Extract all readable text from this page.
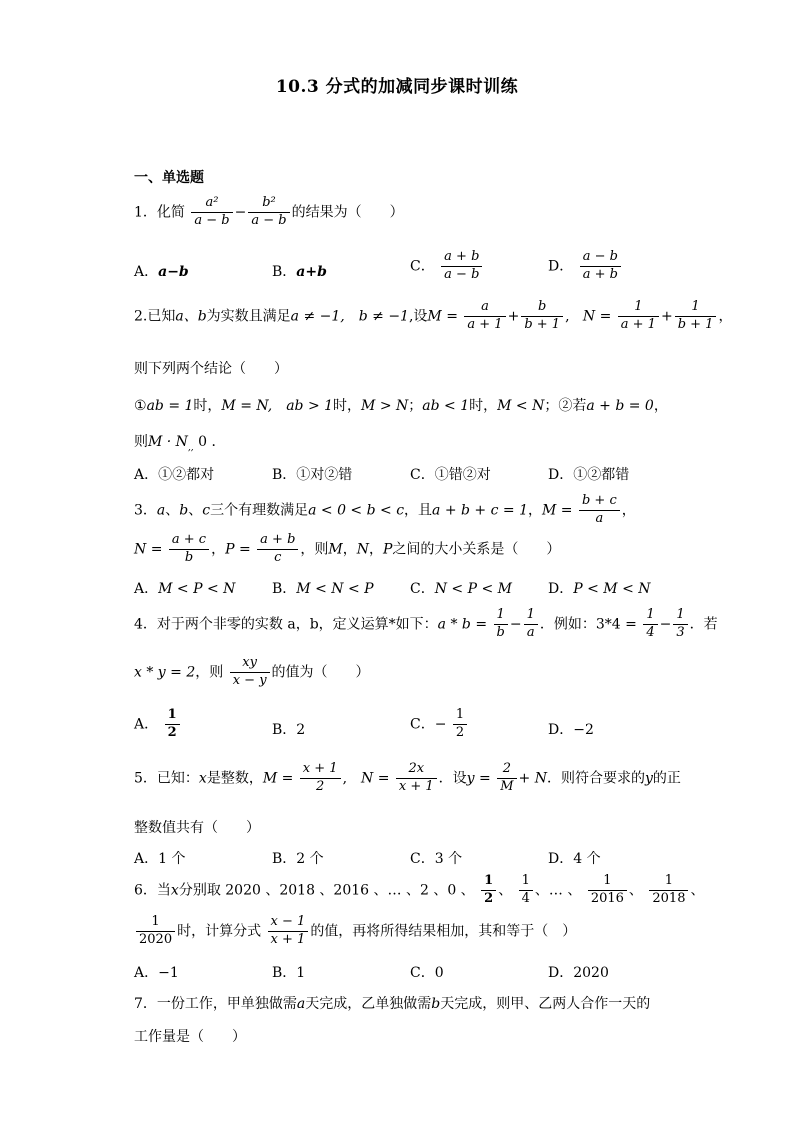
10.3 分式的加减同步课时训练
一、单选题
1．化简 $\frac{\text{a²}}{a - b} - \frac{\text{b²}}{a - b}$ 的结果为（　　）
A．a−b	B．a+b	C． $\frac{a + b}{a - b}$	D． $\frac{a - b}{a + b}$
2.已知a、b为实数且满足a ≠ −1,　b ≠ −1,设$M = \frac{a}{a + 1} + \frac{b}{b + 1}$ ,   $N = \frac{1}{a + 1} + \frac{1}{b + 1}$ ，
则下列两个结论（　　）
①ab = 1时，M = N,　ab > 1时，M > N；ab < 1时，M < N；②若a + b = 0，
则$M \cdot N_{,,}$ 0 ．
A．①②都对	B．①对②错	C．①错②对	D．①②都错
3．a、b、c三个有理数满足a < 0 < b < c，且a + b + c = 1，$M = \frac{b + c}{a}$ ，
$N = \frac{a + c}{b}$ ，$P = \frac{a + b}{c}$ ，则M，N，P之间的大小关系是（　　）
A．M < P < N	B．M < N < P	C．N < P < M	D．P < M < N
4．对于两个非零的实数 a，b，定义运算*如下：$a * b = \frac{1}{b} - \frac{1}{a}$ ．例如：$3*4 = \frac{1}{4} - \frac{1}{3}$ ．若
x * y = 2，则 $\frac{xy}{x - y}$ 的值为（　　）
A． $\frac{1}{2}$	B．2	C．− $\frac{1}{2}$	D．−2
5．已知：x是整数，$M = \frac{x + 1}{2}$ ,　$N = \frac{2x}{x + 1}$ ．设$y = \frac{2}{M} + N$．则符合要求的y的正
整数值共有（　　）
A．1 个	B．2 个	C．3 个	D．4 个
6．当x分别取 2020 、2018 、2016 、… 、2 、0 、 $\frac{1}{2}$ 、 $\frac{1}{4}$ 、… 、 $\frac{1}{2016}$ 、 $\frac{1}{2018}$ 、
$\frac{1}{2020}$ 时，计算分式 $\frac{x - 1}{x + 1}$ 的值，再将所得结果相加，其和等于（　）
A．−1	B．1	C．0	D．2020
7．一份工作，甲单独做需a天完成，乙单独做需b天完成，则甲、乙两人合作一天的
工作量是（　　）
